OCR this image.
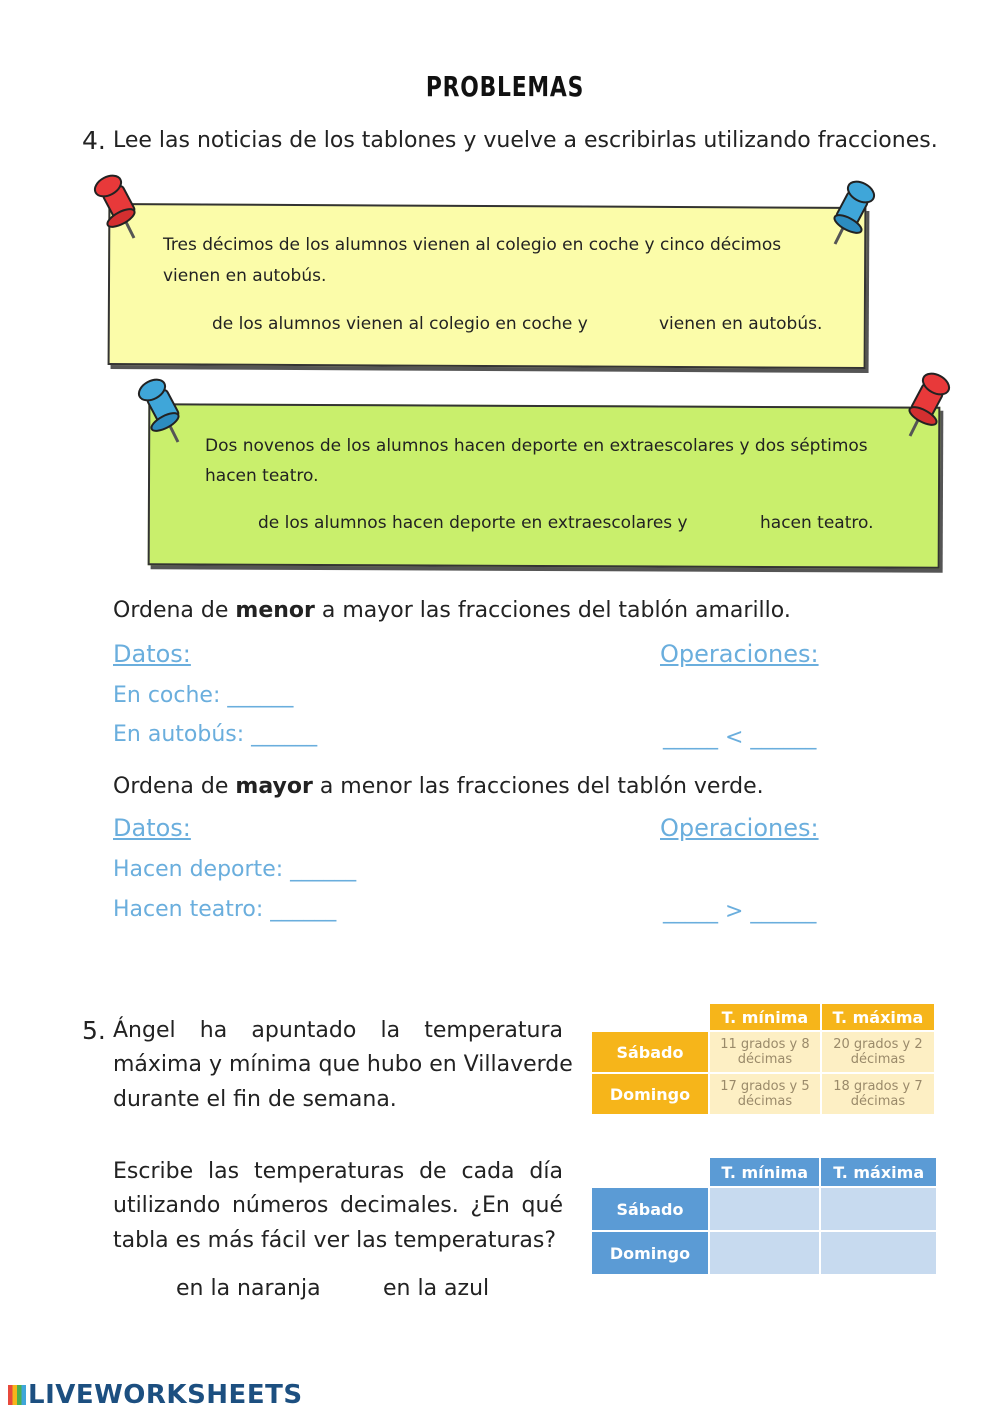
PROBLEMAS
4. Lee las noticias de los tablones y vuelve a escribirlas utilizando fracciones.
Tres décimos de los alumnos vienen al colegio en coche y cinco décimos
vienen en autobús.
de los alumnos vienen al colegio en coche y	vienen en autobús.
Dos novenos de los alumnos hacen deporte en extraescolares y dos séptimos
hacen teatro.
de los alumnos hacen deporte en extraescolares y	hacen teatro.
Ordena de menor a mayor las fracciones del tablón amarillo.
Datos:	Operaciones:
En coche: ______
En autobús: ______	_____ < ______
Ordena de mayor a menor las fracciones del tablón verde.
Datos:	Operaciones:
Hacen deporte: ______
Hacen teatro: ______	_____ > ______
5. Ángel ha apuntado la temperatura
máxima y mínima que hubo en Villaverde
durante el fin de semana.
Escribe las temperaturas de cada día
utilizando números decimales. ¿En qué
tabla es más fácil ver las temperaturas?
en la naranja	en la azul
	T. mínima	T. máxima
Sábado	11 grados y 8 décimas	20 grados y 2 décimas
Domingo	17 grados y 5 décimas	18 grados y 7 décimas
	T. mínima	T. máxima
Sábado		
Domingo		
LIVEWORKSHEETS
